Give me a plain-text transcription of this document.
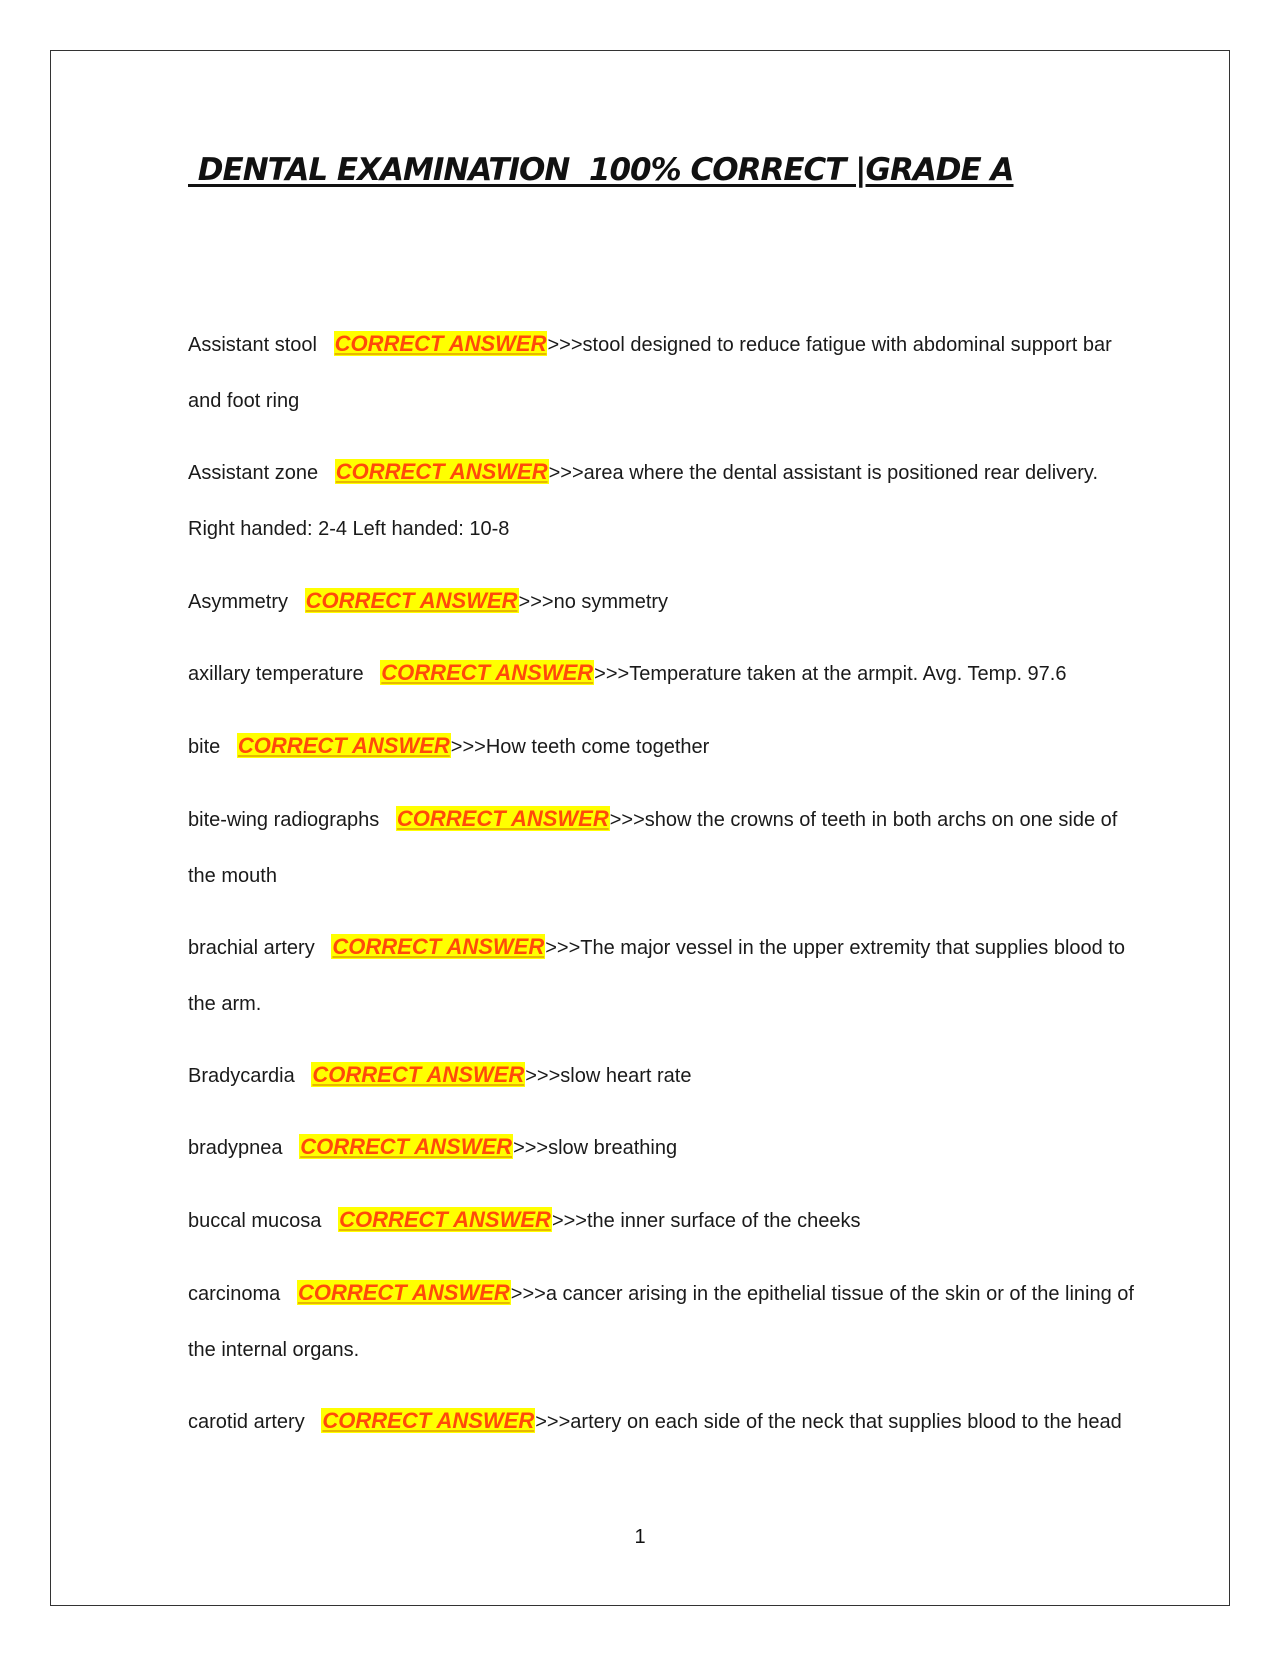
DENTAL EXAMINATION  100% CORRECT |GRADE A
Assistant stool   CORRECT ANSWER>>>stool designed to reduce fatigue with abdominal support bar and foot ring
Assistant zone   CORRECT ANSWER>>>area where the dental assistant is positioned rear delivery. Right handed: 2-4 Left handed: 10-8
Asymmetry   CORRECT ANSWER>>>no symmetry
axillary temperature   CORRECT ANSWER>>>Temperature taken at the armpit. Avg. Temp. 97.6
bite   CORRECT ANSWER>>>How teeth come together
bite-wing radiographs   CORRECT ANSWER>>>show the crowns of teeth in both archs on one side of the mouth
brachial artery   CORRECT ANSWER>>>The major vessel in the upper extremity that supplies blood to the arm.
Bradycardia   CORRECT ANSWER>>>slow heart rate
bradypnea   CORRECT ANSWER>>>slow breathing
buccal mucosa   CORRECT ANSWER>>>the inner surface of the cheeks
carcinoma   CORRECT ANSWER>>>a cancer arising in the epithelial tissue of the skin or of the lining of the internal organs.
carotid artery   CORRECT ANSWER>>>artery on each side of the neck that supplies blood to the head
1
